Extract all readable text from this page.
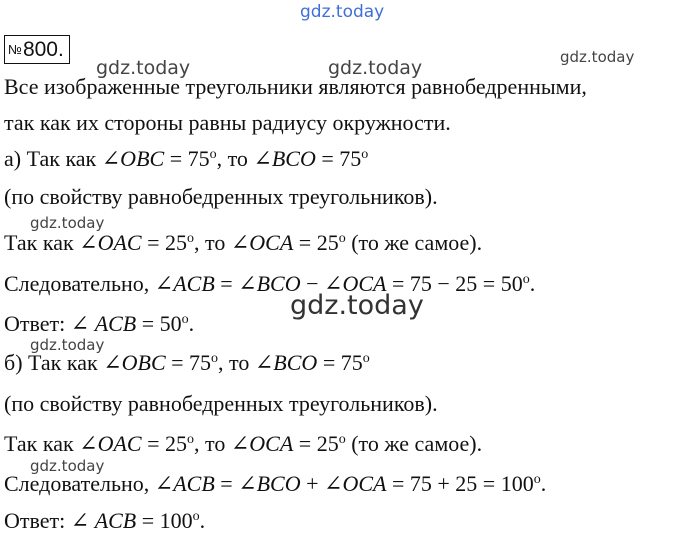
gdz.today
gdz.today	gdz.today	gdz.today
gdz.today
gdz.today
gdz.today
gdz.today
№800.
Все изображенные треугольники являются равнобедренными,
так как их стороны равны радиусу окружности.
а) Так как ∠OBC = $75^o$, то ∠BCO = $75^o$
(по свойству равнобедренных треугольников).
Так как ∠OAC = $25^o$, то ∠OCA = $25^o$ (то же самое).
Следовательно, ∠ACB = ∠BCO − ∠OCA = $75 - 25 = 50^o$.
Ответ: ∠ ACB = $50^o$.
б) Так как ∠OBC = $75^o$, то ∠BCO = $75^o$
(по свойству равнобедренных треугольников).
Так как ∠OAC = $25^o$, то ∠OCA = $25^o$ (то же самое).
Следовательно, ∠ACB = ∠BCO + ∠OCA = $75 + 25 = 100^o$.
Ответ: ∠ ACB = $100^o$.
